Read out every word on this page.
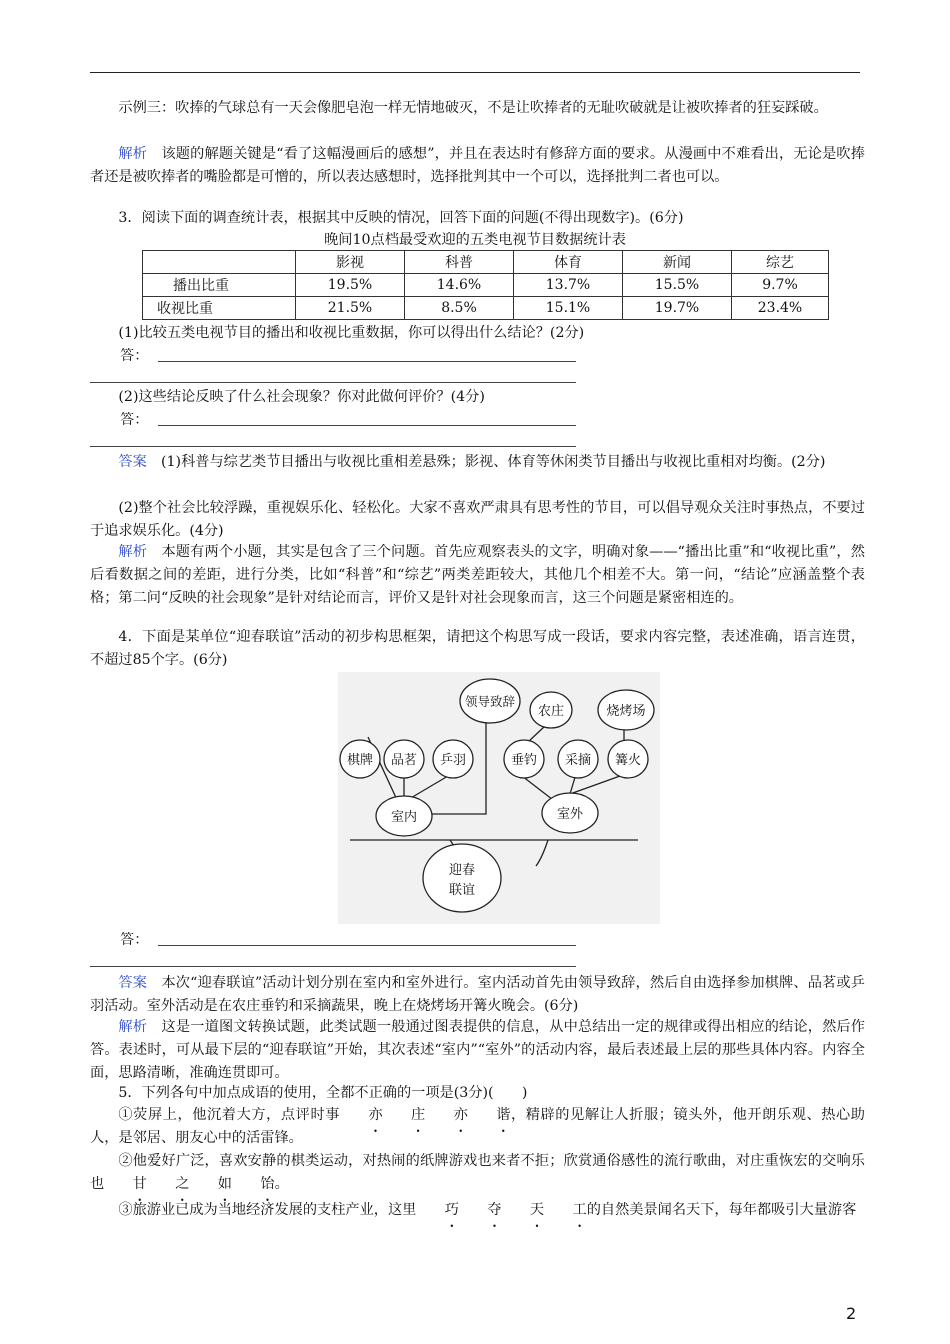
示例三：吹捧的气球总有一天会像肥皂泡一样无情地破灭，不是让吹捧者的无耻吹破就是让被吹捧者的狂妄踩破。

解析　 该题的解题关键是“看了这幅漫画后的感想”，并且在表达时有修辞方面的要求。从漫画中不难看出，无论是吹捧者还是被吹捧者的嘴脸都是可憎的，所以表达感想时，选择批判其中一个可以，选择批判二者也可以。

3．阅读下面的调查统计表，根据其中反映的情况，回答下面的问题(不得出现数字)。(6分)

晚间10点档最受欢迎的五类电视节目数据统计表
	影视	科普	体育	新闻	综艺
播出比重	19.5%	14.6%	13.7%	15.5%	9.7%
收视比重	21.5%	8.5%	15.1%	19.7%	23.4%

(1)比较五类电视节目的播出和收视比重数据，你可以得出什么结论？(2分)

答：

(2)这些结论反映了什么社会现象？你对此做何评价？(4分)

答：

答案　 (1)科普与综艺类节目播出与收视比重相差悬殊；影视、体育等休闲类节目播出与收视比重相对均衡。(2分)

(2)整个社会比较浮躁，重视娱乐化、轻松化。大家不喜欢严肃具有思考性的节目，可以倡导观众关注时事热点，不要过于追求娱乐化。(4分)

解析　 本题有两个小题，其实是包含了三个问题。首先应观察表头的文字，明确对象——“播出比重”和“收视比重”，然后看数据之间的差距，进行分类，比如“科普”和“综艺”两类差距较大，其他几个相差不大。第一问，“结论”应涵盖整个表格；第二问“反映的社会现象”是针对结论而言，评价又是针对社会现象而言，这三个问题是紧密相连的。

4．下面是某单位“迎春联谊”活动的初步构思框架，请把这个构思写成一段话，要求内容完整，表述准确，语言连贯，不超过85个字。(6分)

迎春
联谊
室内	室外
棋牌 品茗 乒羽
领导致辞
垂钓 采摘 篝火
农庄	烧烤场
答：

答案　 本次“迎春联谊”活动计划分别在室内和室外进行。室内活动首先由领导致辞，然后自由选择参加棋牌、品茗或乒羽活动。室外活动是在农庄垂钓和采摘蔬果，晚上在烧烤场开篝火晚会。(6分)

解析　 这是一道图文转换试题，此类试题一般通过图表提供的信息，从中总结出一定的规律或得出相应的结论，然后作答。表述时，可从最下层的“迎春联谊”开始，其次表述“室内”“室外”的活动内容，最后表述最上层的那些具体内容。内容全面，思路清晰，准确连贯即可。

5．下列各句中加点成语的使用，全都不正确的一项是(3分)(　　)

①荧屏上，他沉着大方，点评时事 亦 庄 亦 谐，精辟的见解让人折服；镜头外，他开朗乐观、热心助人，是邻居、朋友心中的活雷锋。

②他爱好广泛，喜欢安静的棋类运动，对热闹的纸牌游戏也来者不拒；欣赏通俗感性的流行歌曲，对庄重恢宏的交响乐也 甘 之 如 饴。

③旅游业已成为当地经济发展的支柱产业，这里 巧 夺 天 工的自然美景闻名天下，每年都吸引大量游客

2
